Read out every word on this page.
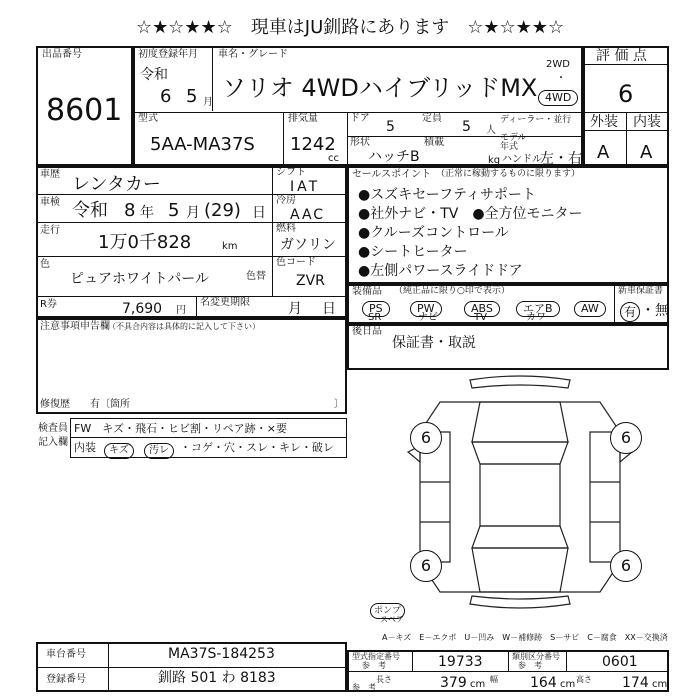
☆★☆★★☆　現車はJU釧路にあります　☆★☆★★☆
出品番号
8601
初度登録年月
令和
6 5 月
車名・グレード
ソリオ 4WDハイブリッドMX
2WD
・
4WD
評 価 点
6
外装 内装
A A
型式
5AA-MA37S
排気量
1242
cc
ドア
5
定員
5 人
ディーラー・並行
形状
ハッチB
積載
kg
モデル年式
ハンドル
左・右
車歴 レンタカー
シフト
IAT
車検 令和 8 年 5 月 (29) 日
冷房
AAC
走行
1万0千828	km
燃料
ガソリン
色
ピュアホワイトパール	色替
色コード
ZVR
R券	7,690 円
名変更期限	月 日
セールスポイント （正常に稼動するものに限ります）
●スズキセーフティサポート
●社外ナビ・TV　●全方位モニター
●クルーズコントロール
●シートヒーター
●左側パワースライドドア
装備品 （純正品に限り○印で表示）
PS	PW	ABS	エアB	AW
SR	ナビ	TV	カワ
新車保証書
有 ・無
注意事項申告欄
（不具合内容は具体的に記入して下さい）
修復歴 有〔箇所	〕
後日品
保証書・取説
検査員
記入欄
FW　キズ・飛石・ヒビ割・リペア跡・×要
内装	キズ	汚レ	・コゲ・穴・スレ・キレ・破レ
6	6
6	6
ポンプ
スペア
A－キズ　E－エクボ　U－凹み　W－補修跡　S－サビ　C－腐食　XX－交換済
車台番号	MA37S-184253
登録番号	釧路 501 わ 8183
型式指定番号
参　考	19733	類別区分番号
参　考	0601
長さ
参　考	379 cm 幅 164 cm 高さ 174 cm
